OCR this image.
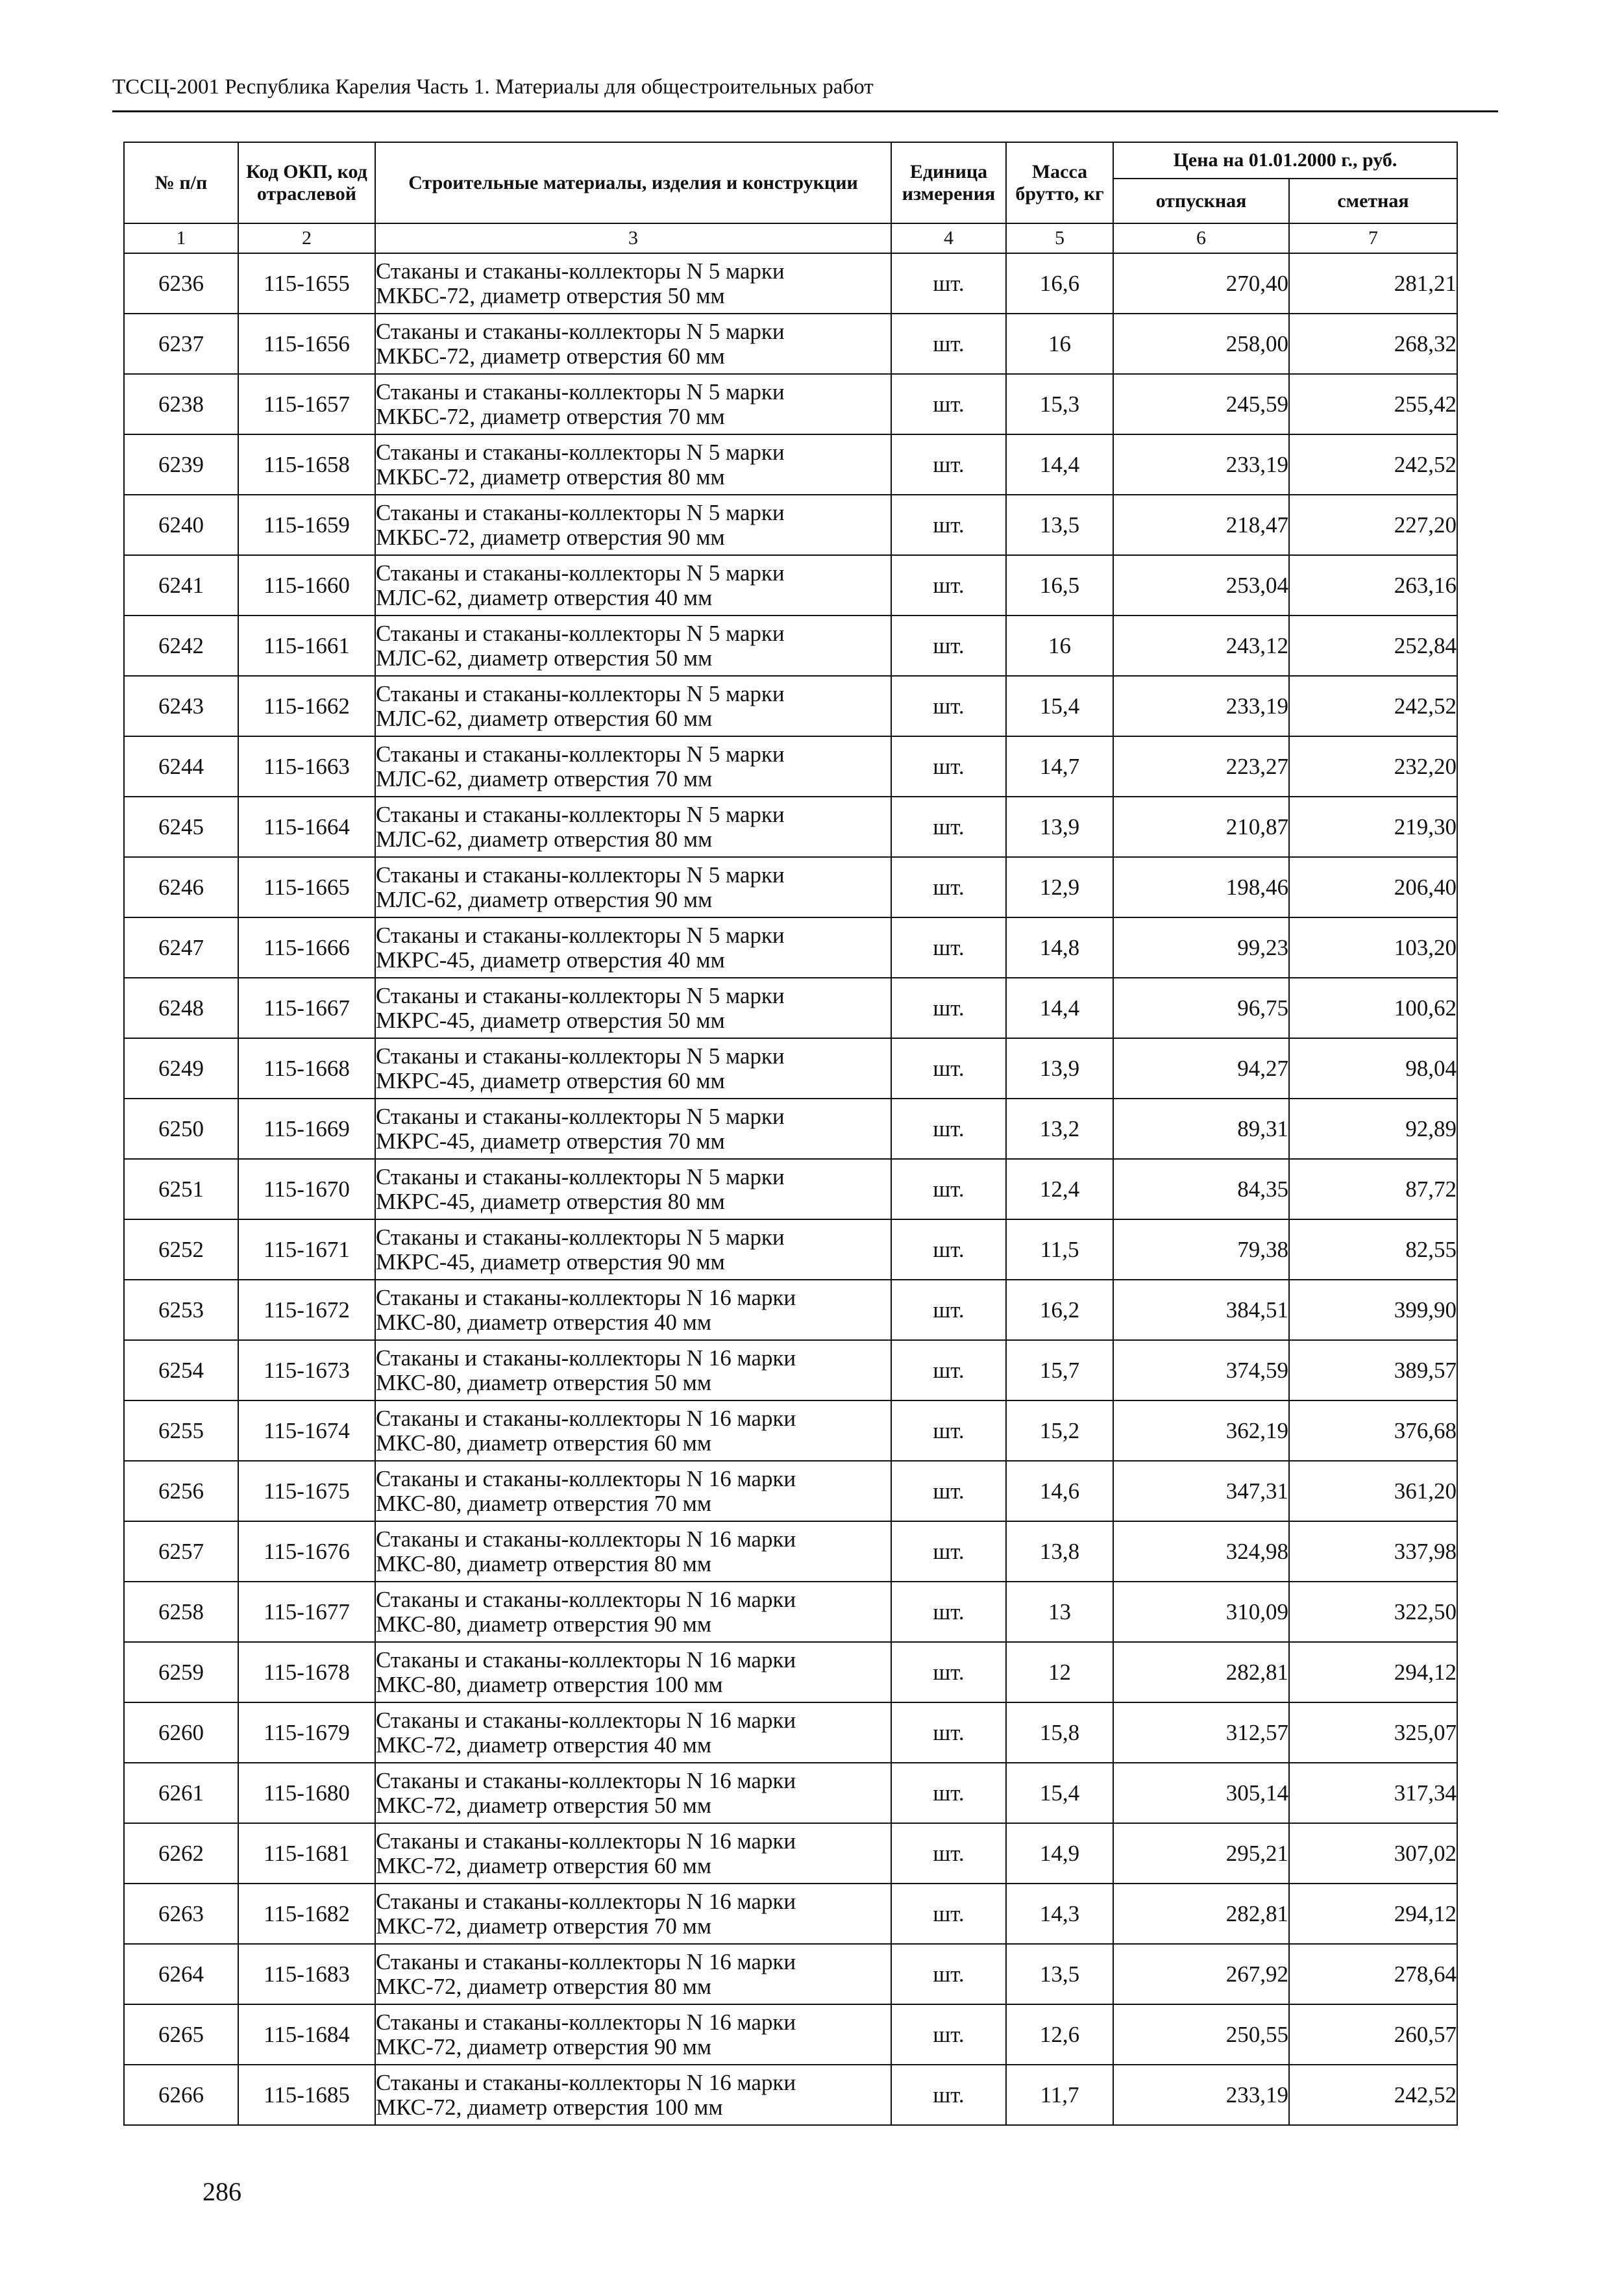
ТССЦ-2001 Республика Карелия Часть 1. Материалы для общестроительных работ
№ п/п	Код ОКП, код отраслевой	Строительные материалы, изделия и конструкции	Единица измерения	Масса брутто, кг	Цена на 01.01.2000 г., руб.	
					отпускная	сметная
1	2	3	4	5	6	7
6236	115-1655	Стаканы и стаканы-коллекторы N 5 марки
МКБС-72, диаметр отверстия 50 мм	шт.	16,6	270,40	281,21
6237	115-1656	Стаканы и стаканы-коллекторы N 5 марки
МКБС-72, диаметр отверстия 60 мм	шт.	16	258,00	268,32
6238	115-1657	Стаканы и стаканы-коллекторы N 5 марки
МКБС-72, диаметр отверстия 70 мм	шт.	15,3	245,59	255,42
6239	115-1658	Стаканы и стаканы-коллекторы N 5 марки
МКБС-72, диаметр отверстия 80 мм	шт.	14,4	233,19	242,52
6240	115-1659	Стаканы и стаканы-коллекторы N 5 марки
МКБС-72, диаметр отверстия 90 мм	шт.	13,5	218,47	227,20
6241	115-1660	Стаканы и стаканы-коллекторы N 5 марки
МЛС-62, диаметр отверстия 40 мм	шт.	16,5	253,04	263,16
6242	115-1661	Стаканы и стаканы-коллекторы N 5 марки
МЛС-62, диаметр отверстия 50 мм	шт.	16	243,12	252,84
6243	115-1662	Стаканы и стаканы-коллекторы N 5 марки
МЛС-62, диаметр отверстия 60 мм	шт.	15,4	233,19	242,52
6244	115-1663	Стаканы и стаканы-коллекторы N 5 марки
МЛС-62, диаметр отверстия 70 мм	шт.	14,7	223,27	232,20
6245	115-1664	Стаканы и стаканы-коллекторы N 5 марки
МЛС-62, диаметр отверстия 80 мм	шт.	13,9	210,87	219,30
6246	115-1665	Стаканы и стаканы-коллекторы N 5 марки
МЛС-62, диаметр отверстия 90 мм	шт.	12,9	198,46	206,40
6247	115-1666	Стаканы и стаканы-коллекторы N 5 марки
МКРС-45, диаметр отверстия 40 мм	шт.	14,8	99,23	103,20
6248	115-1667	Стаканы и стаканы-коллекторы N 5 марки
МКРС-45, диаметр отверстия 50 мм	шт.	14,4	96,75	100,62
6249	115-1668	Стаканы и стаканы-коллекторы N 5 марки
МКРС-45, диаметр отверстия 60 мм	шт.	13,9	94,27	98,04
6250	115-1669	Стаканы и стаканы-коллекторы N 5 марки
МКРС-45, диаметр отверстия 70 мм	шт.	13,2	89,31	92,89
6251	115-1670	Стаканы и стаканы-коллекторы N 5 марки
МКРС-45, диаметр отверстия 80 мм	шт.	12,4	84,35	87,72
6252	115-1671	Стаканы и стаканы-коллекторы N 5 марки
МКРС-45, диаметр отверстия 90 мм	шт.	11,5	79,38	82,55
6253	115-1672	Стаканы и стаканы-коллекторы N 16 марки
МКС-80, диаметр отверстия 40 мм	шт.	16,2	384,51	399,90
6254	115-1673	Стаканы и стаканы-коллекторы N 16 марки
МКС-80, диаметр отверстия 50 мм	шт.	15,7	374,59	389,57
6255	115-1674	Стаканы и стаканы-коллекторы N 16 марки
МКС-80, диаметр отверстия 60 мм	шт.	15,2	362,19	376,68
6256	115-1675	Стаканы и стаканы-коллекторы N 16 марки
МКС-80, диаметр отверстия 70 мм	шт.	14,6	347,31	361,20
6257	115-1676	Стаканы и стаканы-коллекторы N 16 марки
МКС-80, диаметр отверстия 80 мм	шт.	13,8	324,98	337,98
6258	115-1677	Стаканы и стаканы-коллекторы N 16 марки
МКС-80, диаметр отверстия 90 мм	шт.	13	310,09	322,50
6259	115-1678	Стаканы и стаканы-коллекторы N 16 марки
МКС-80, диаметр отверстия 100 мм	шт.	12	282,81	294,12
6260	115-1679	Стаканы и стаканы-коллекторы N 16 марки
МКС-72, диаметр отверстия 40 мм	шт.	15,8	312,57	325,07
6261	115-1680	Стаканы и стаканы-коллекторы N 16 марки
МКС-72, диаметр отверстия 50 мм	шт.	15,4	305,14	317,34
6262	115-1681	Стаканы и стаканы-коллекторы N 16 марки
МКС-72, диаметр отверстия 60 мм	шт.	14,9	295,21	307,02
6263	115-1682	Стаканы и стаканы-коллекторы N 16 марки
МКС-72, диаметр отверстия 70 мм	шт.	14,3	282,81	294,12
6264	115-1683	Стаканы и стаканы-коллекторы N 16 марки
МКС-72, диаметр отверстия 80 мм	шт.	13,5	267,92	278,64
6265	115-1684	Стаканы и стаканы-коллекторы N 16 марки
МКС-72, диаметр отверстия 90 мм	шт.	12,6	250,55	260,57
6266	115-1685	Стаканы и стаканы-коллекторы N 16 марки
МКС-72, диаметр отверстия 100 мм	шт.	11,7	233,19	242,52
286
